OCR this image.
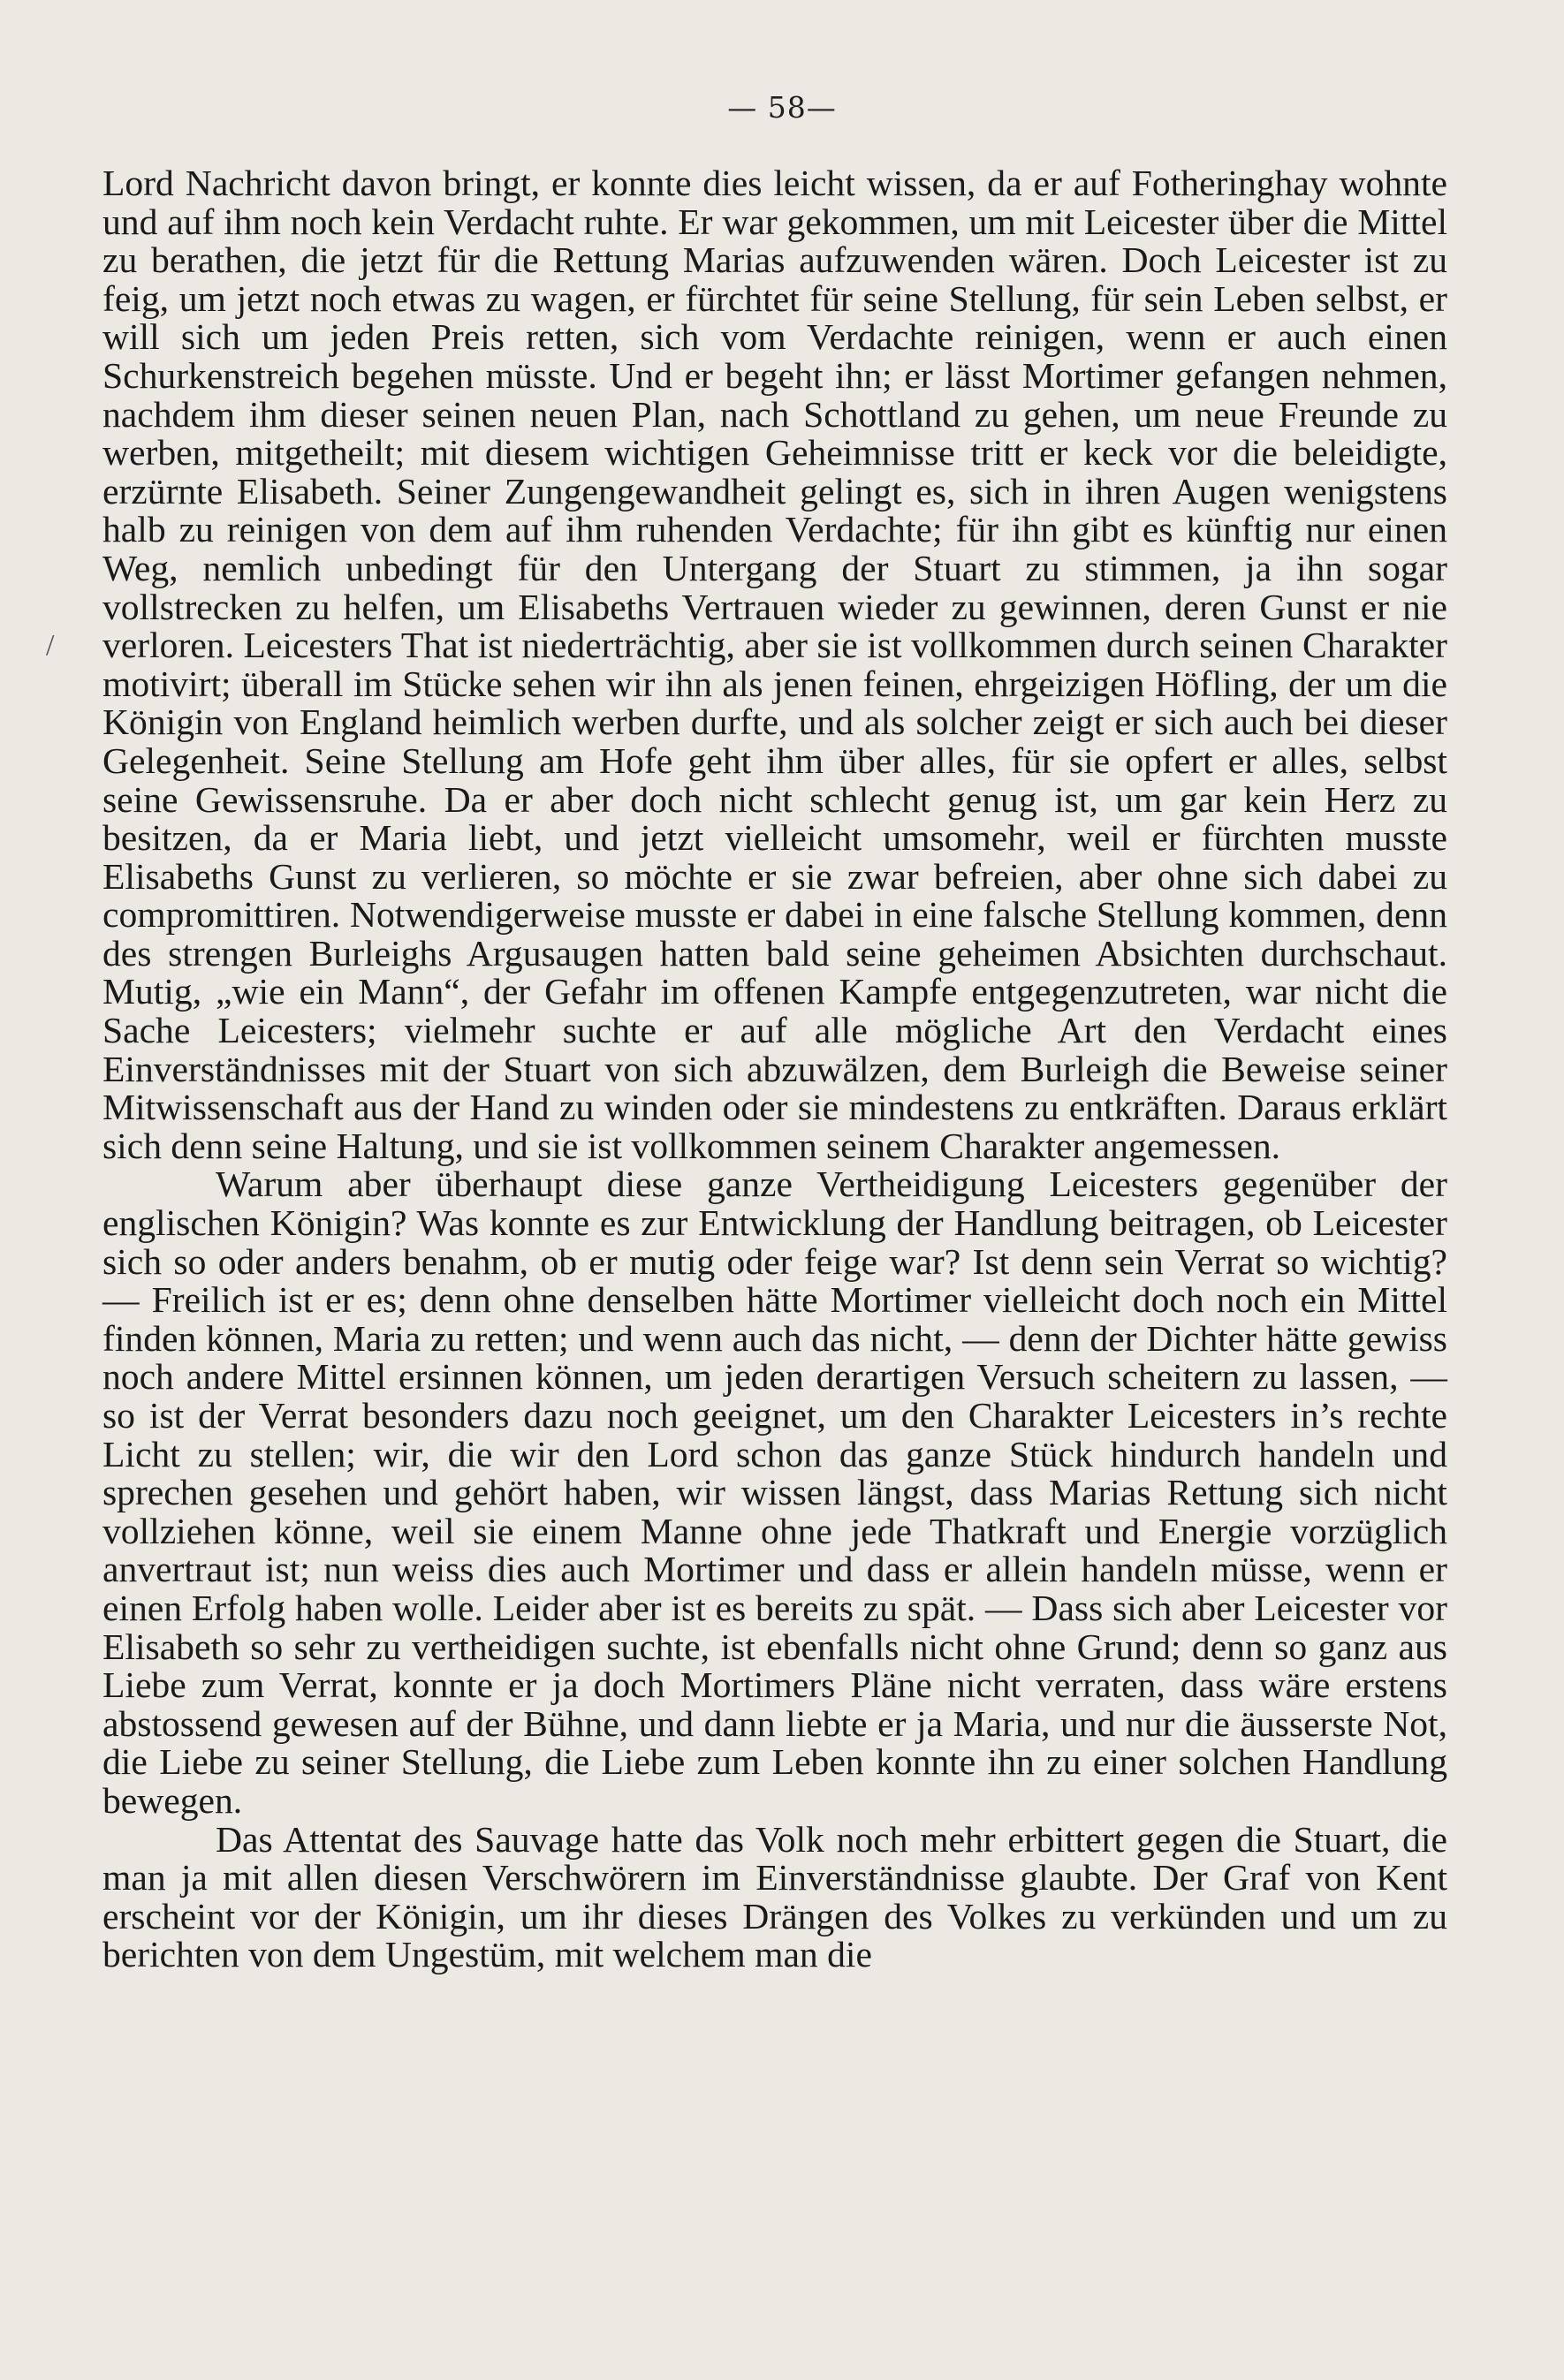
— 58—

Lord Nachricht davon bringt, er konnte dies leicht wissen, da er auf Fotheringhay wohnte und auf ihm noch kein Verdacht ruhte. Er war gekommen, um mit Leicester über die Mittel zu berathen, die jetzt für die Rettung Marias aufzuwenden wären. Doch Leicester ist zu feig, um jetzt noch etwas zu wagen, er fürchtet für seine Stellung, für sein Leben selbst, er will sich um jeden Preis retten, sich vom Verdachte reinigen, wenn er auch einen Schurkenstreich begehen müsste. Und er begeht ihn; er lässt Mortimer gefangen nehmen, nachdem ihm dieser seinen neuen Plan, nach Schottland zu gehen, um neue Freunde zu werben, mitgetheilt; mit diesem wichtigen Geheimnisse tritt er keck vor die beleidigte, erzürnte Elisabeth. Seiner Zungengewandheit gelingt es, sich in ihren Augen wenigstens halb zu reinigen von dem auf ihm ruhenden Verdachte; für ihn gibt es künftig nur einen Weg, nemlich unbedingt für den Untergang der Stuart zu stimmen, ja ihn sogar vollstrecken zu helfen, um Elisabeths Vertrauen wieder zu gewinnen, deren Gunst er nie verloren. Leicesters That ist niederträchtig, aber sie ist vollkommen durch seinen Charakter motivirt; überall im Stücke sehen wir ihn als jenen feinen, ehrgeizigen Höfling, der um die Königin von England heimlich werben durfte, und als solcher zeigt er sich auch bei dieser Gelegenheit. Seine Stellung am Hofe geht ihm über alles, für sie opfert er alles, selbst seine Gewissensruhe. Da er aber doch nicht schlecht genug ist, um gar kein Herz zu besitzen, da er Maria liebt, und jetzt vielleicht umsomehr, weil er fürchten musste Elisabeths Gunst zu verlieren, so möchte er sie zwar befreien, aber ohne sich dabei zu compromittiren. Notwendigerweise musste er dabei in eine falsche Stellung kommen, denn des strengen Burleighs Argusaugen hatten bald seine geheimen Absichten durchschaut. Mutig, „wie ein Mann“, der Gefahr im offenen Kampfe entgegenzutreten, war nicht die Sache Leicesters; vielmehr suchte er auf alle mögliche Art den Verdacht eines Einverständnisses mit der Stuart von sich abzuwälzen, dem Burleigh die Beweise seiner Mitwissenschaft aus der Hand zu winden oder sie mindestens zu entkräften. Daraus erklärt sich denn seine Haltung, und sie ist vollkommen seinem Charakter angemessen.

Warum aber überhaupt diese ganze Vertheidigung Leicesters gegenüber der englischen Königin? Was konnte es zur Entwicklung der Handlung beitragen, ob Leicester sich so oder anders benahm, ob er mutig oder feige war? Ist denn sein Verrat so wichtig? — Freilich ist er es; denn ohne denselben hätte Mortimer vielleicht doch noch ein Mittel finden können, Maria zu retten; und wenn auch das nicht, — denn der Dichter hätte gewiss noch andere Mittel ersinnen können, um jeden derartigen Versuch scheitern zu lassen, — so ist der Verrat besonders dazu noch geeignet, um den Charakter Leicesters in’s rechte Licht zu stellen; wir, die wir den Lord schon das ganze Stück hindurch handeln und sprechen gesehen und gehört haben, wir wissen längst, dass Marias Rettung sich nicht vollziehen könne, weil sie einem Manne ohne jede Thatkraft und Energie vorzüglich anvertraut ist; nun weiss dies auch Mortimer und dass er allein handeln müsse, wenn er einen Erfolg haben wolle. Leider aber ist es bereits zu spät. — Dass sich aber Leicester vor Elisabeth so sehr zu vertheidigen suchte, ist ebenfalls nicht ohne Grund; denn so ganz aus Liebe zum Verrat, konnte er ja doch Mortimers Pläne nicht verraten, dass wäre erstens abstossend gewesen auf der Bühne, und dann liebte er ja Maria, und nur die äusserste Not, die Liebe zu seiner Stellung, die Liebe zum Leben konnte ihn zu einer solchen Handlung bewegen.

Das Attentat des Sauvage hatte das Volk noch mehr erbittert gegen die Stuart, die man ja mit allen diesen Verschwörern im Einverständnisse glaubte. Der Graf von Kent erscheint vor der Königin, um ihr dieses Drängen des Volkes zu verkünden und um zu berichten von dem Ungestüm, mit welchem man die

/
